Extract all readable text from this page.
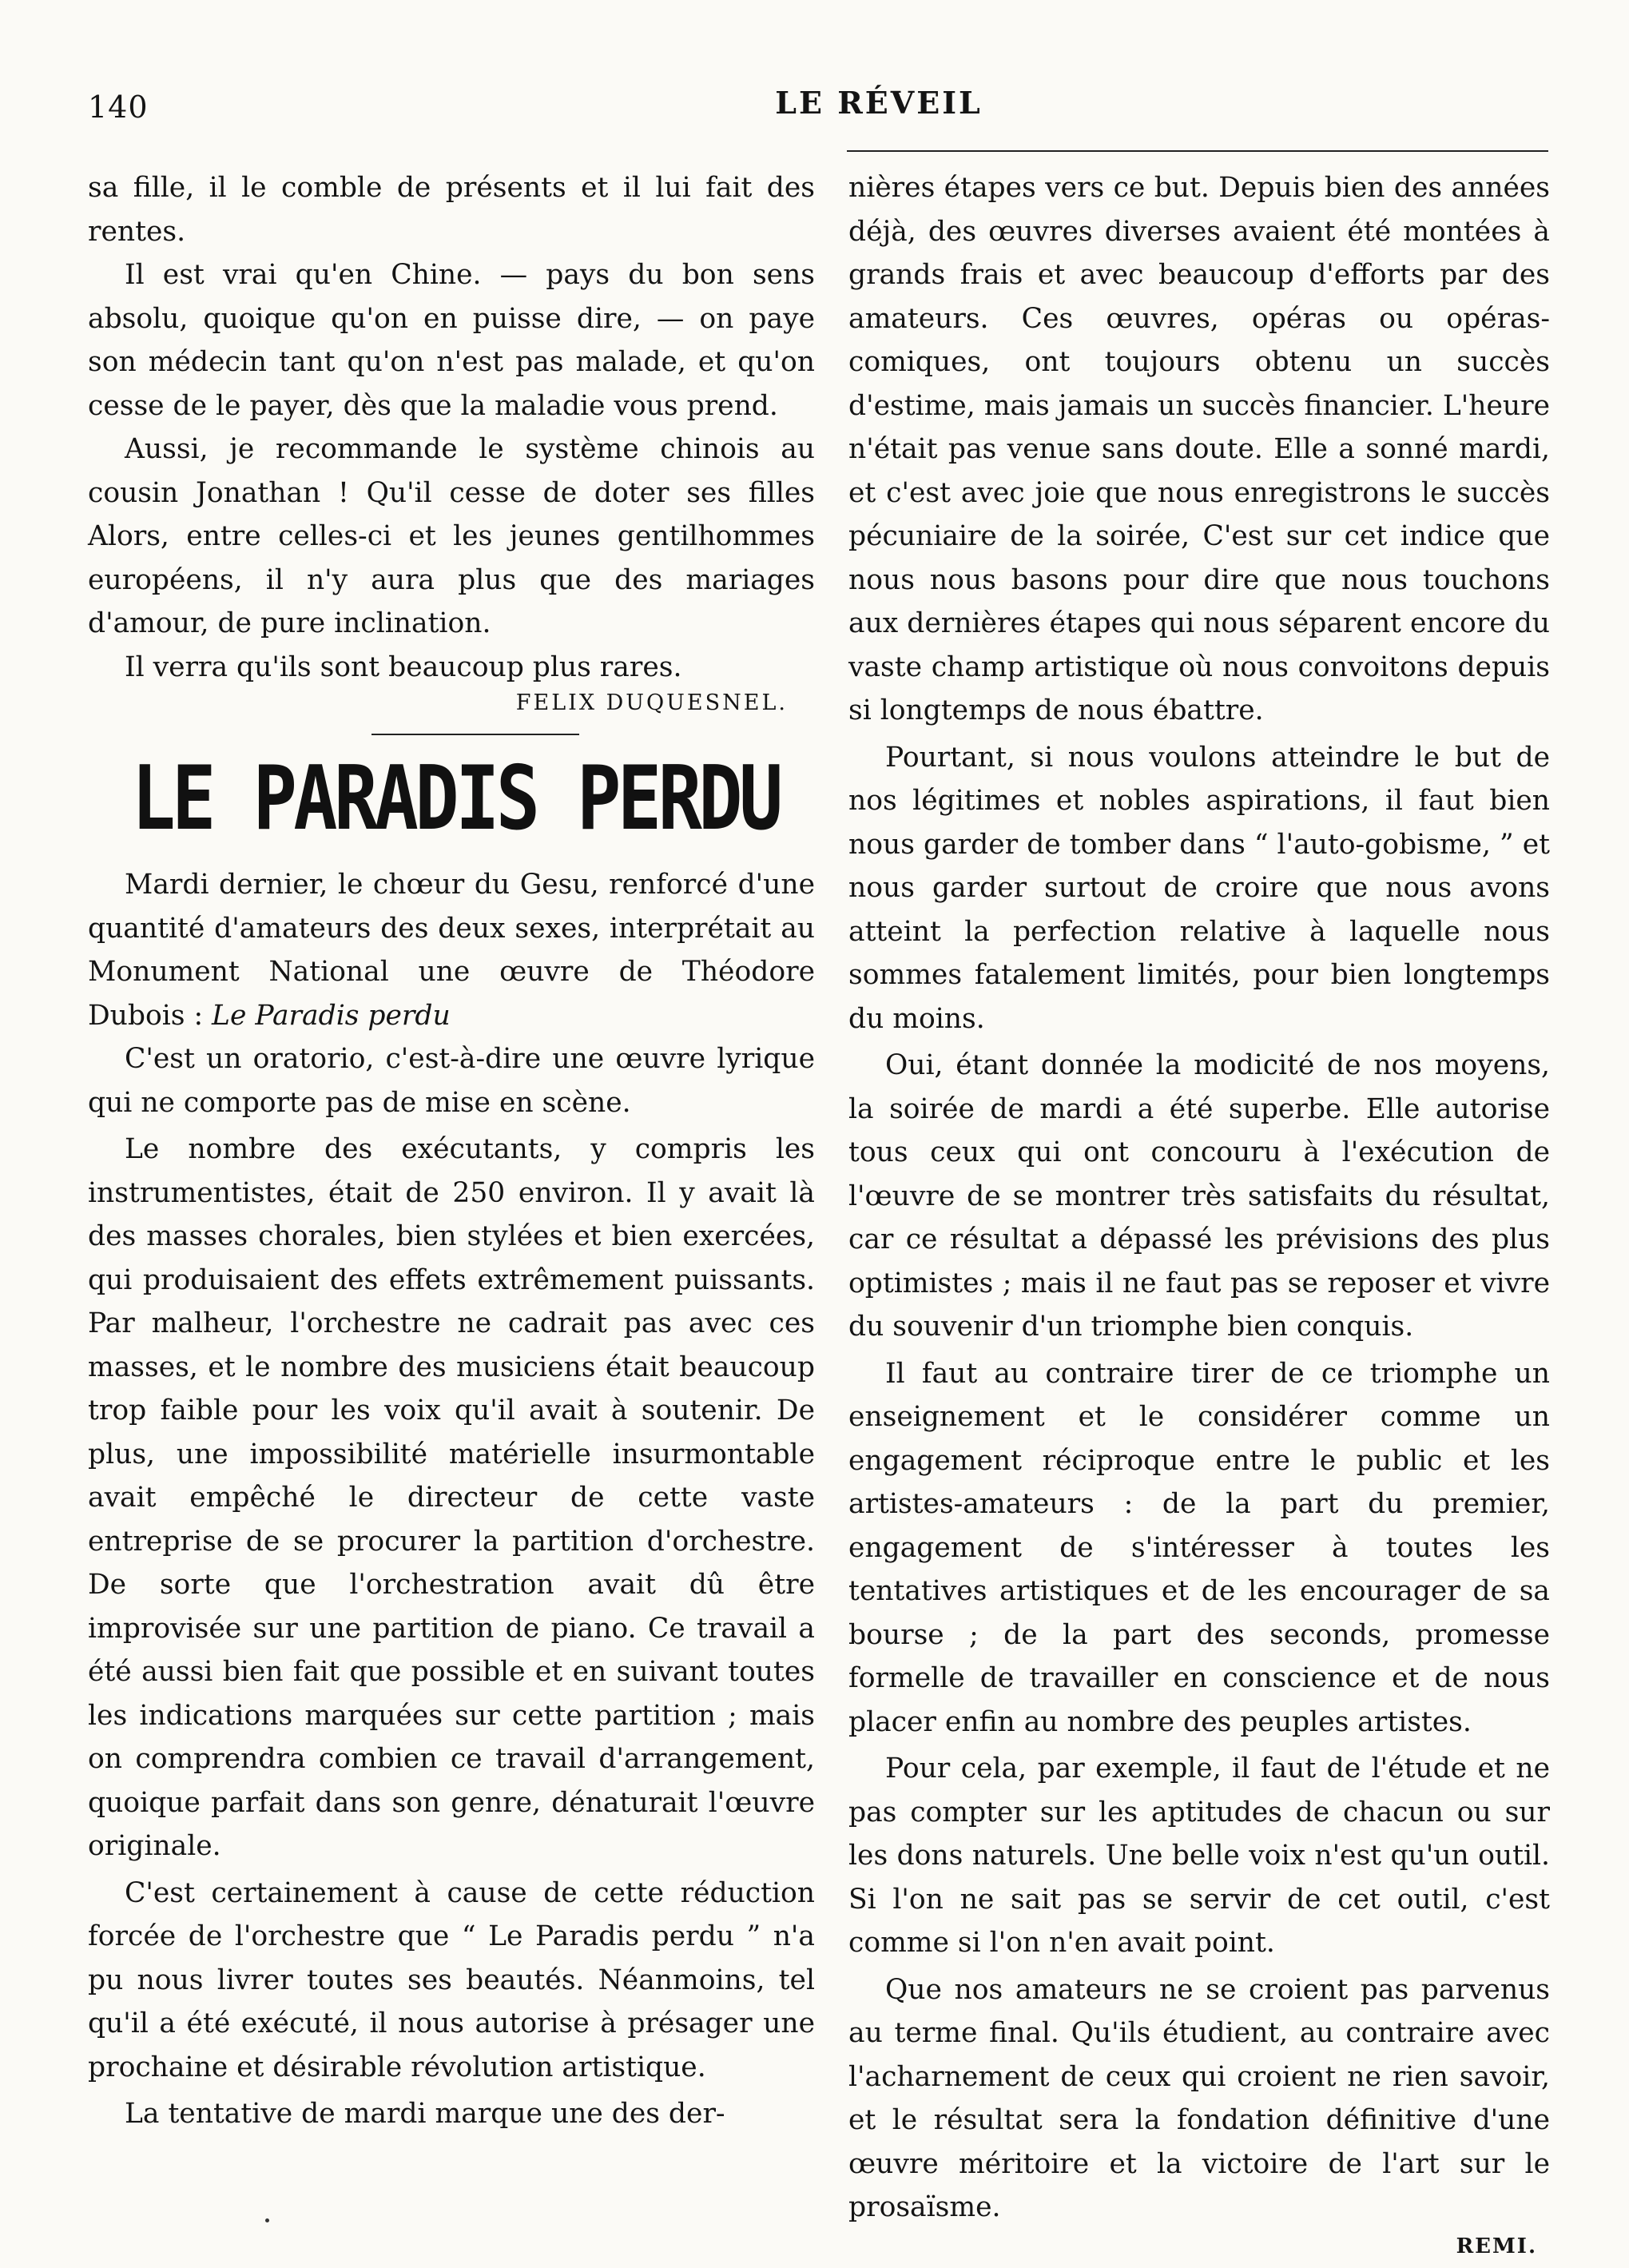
140	LE RÉVEIL

sa fille, il le comble de présents et il lui fait des rentes.

Il est vrai qu'en Chine. — pays du bon sens absolu, quoique qu'on en puisse dire, — on paye son médecin tant qu'on n'est pas malade, et qu'on cesse de le payer, dès que la maladie vous prend.

Aussi, je recommande le système chinois au cousin Jonathan ! Qu'il cesse de doter ses filles Alors, entre celles-ci et les jeunes gentilhommes européens, il n'y aura plus que des mariages d'amour, de pure inclination.

Il verra qu'ils sont beaucoup plus rares.

FELIX DUQUESNEL.
LE PARADIS PERDU

Mardi dernier, le chœur du Gesu, renforcé d'une quantité d'amateurs des deux sexes, interprétait au Monument National une œuvre de Théodore Dubois : Le Paradis perdu

C'est un oratorio, c'est-à-dire une œuvre lyrique qui ne comporte pas de mise en scène.

Le nombre des exécutants, y compris les instrumentistes, était de 250 environ. Il y avait là des masses chorales, bien stylées et bien exercées, qui produisaient des effets extrêmement puissants. Par malheur, l'orchestre ne cadrait pas avec ces masses, et le nombre des musiciens était beaucoup trop faible pour les voix qu'il avait à soutenir. De plus, une impossibilité matérielle insurmontable avait empêché le directeur de cette vaste entreprise de se procurer la partition d'orchestre. De sorte que l'orchestration avait dû être improvisée sur une partition de piano. Ce travail a été aussi bien fait que possible et en suivant toutes les indications marquées sur cette partition ; mais on comprendra combien ce travail d'arrangement, quoique parfait dans son genre, dénaturait l'œuvre originale.

C'est certainement à cause de cette réduction forcée de l'orchestre que “ Le Paradis perdu ” n'a pu nous livrer toutes ses beautés. Néanmoins, tel qu'il a été exécuté, il nous autorise à présager une prochaine et désirable révolution artistique.

La tentative de mardi marque une des der-

nières étapes vers ce but. Depuis bien des années déjà, des œuvres diverses avaient été montées à grands frais et avec beaucoup d'efforts par des amateurs. Ces œuvres, opéras ou opéras-comiques, ont toujours obtenu un succès d'estime, mais jamais un succès financier. L'heure n'était pas venue sans doute. Elle a sonné mardi, et c'est avec joie que nous enregistrons le succès pécuniaire de la soirée, C'est sur cet indice que nous nous basons pour dire que nous touchons aux dernières étapes qui nous séparent encore du vaste champ artistique où nous convoitons depuis si longtemps de nous ébattre.

Pourtant, si nous voulons atteindre le but de nos légitimes et nobles aspirations, il faut bien nous garder de tomber dans “ l'auto-gobisme, ” et nous garder surtout de croire que nous avons atteint la perfection relative à laquelle nous sommes fatalement limités, pour bien longtemps du moins.

Oui, étant donnée la modicité de nos moyens, la soirée de mardi a été superbe. Elle autorise tous ceux qui ont concouru à l'exécution de l'œuvre de se montrer très satisfaits du résultat, car ce résultat a dépassé les prévisions des plus optimistes ; mais il ne faut pas se reposer et vivre du souvenir d'un triomphe bien conquis.

Il faut au contraire tirer de ce triomphe un enseignement et le considérer comme un engagement réciproque entre le public et les artistes-amateurs : de la part du premier, engagement de s'intéresser à toutes les tentatives artistiques et de les encourager de sa bourse ; de la part des seconds, promesse formelle de travailler en conscience et de nous placer enfin au nombre des peuples artistes.

Pour cela, par exemple, il faut de l'étude et ne pas compter sur les aptitudes de chacun ou sur les dons naturels. Une belle voix n'est qu'un outil. Si l'on ne sait pas se servir de cet outil, c'est comme si l'on n'en avait point.

Que nos amateurs ne se croient pas parvenus au terme final. Qu'ils étudient, au contraire avec l'acharnement de ceux qui croient ne rien savoir, et le résultat sera la fondation définitive d'une œuvre méritoire et la victoire de l'art sur le prosaïsme.

REMI.
